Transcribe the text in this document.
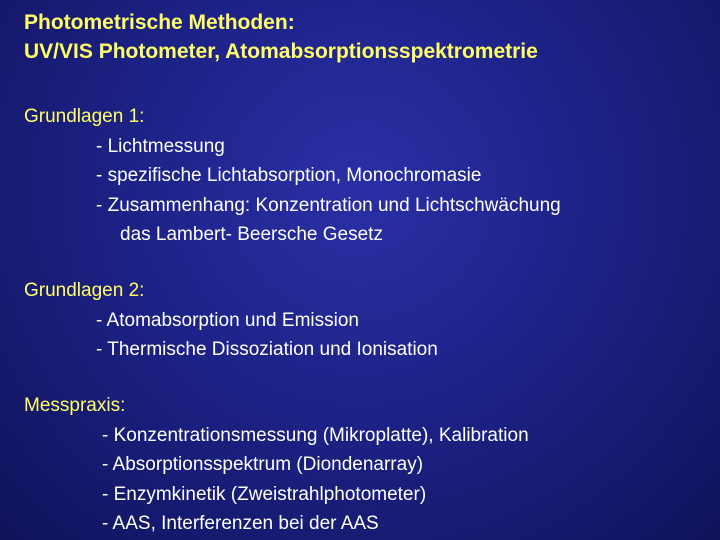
Photometrische Methoden:
UV/VIS Photometer, Atomabsorptionsspektrometrie
Grundlagen 1:
- Lichtmessung
- spezifische Lichtabsorption, Monochromasie
- Zusammenhang: Konzentration und Lichtschwächung
das Lambert- Beersche Gesetz
Grundlagen 2:
- Atomabsorption und Emission
- Thermische Dissoziation und Ionisation
Messpraxis:
- Konzentrationsmessung (Mikroplatte), Kalibration
- Absorptionsspektrum (Diondenarray)
- Enzymkinetik (Zweistrahlphotometer)
- AAS, Interferenzen bei der AAS
